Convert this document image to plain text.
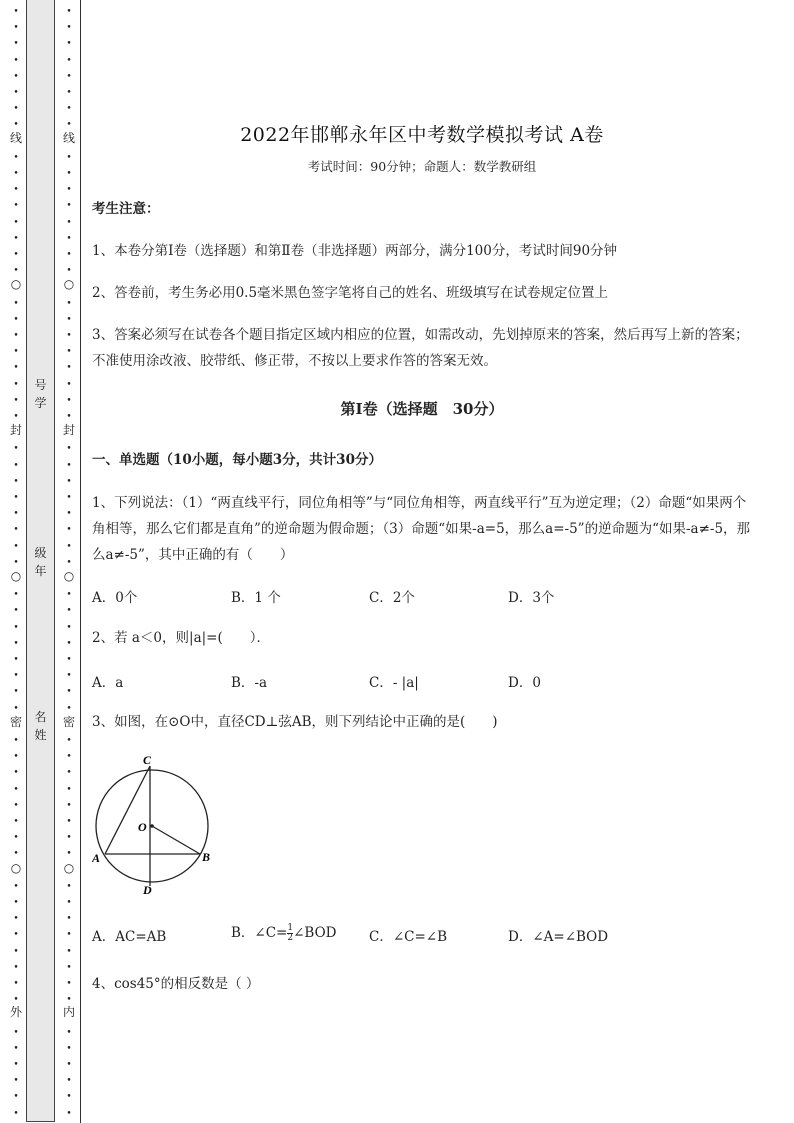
•
•
•
•
•
•
•
•
•
•
•
•
•
•
•
•
•
•
•
•
•
•
•
•
•
•
•
•
•
•
•
•
•
•
•
•
•
•
•
•
•
•
•
•
•
•
•
•
•
•
•
•
•
•
•
•
•
•
•
•
•
•
线
○
封
○
密
○
外
号
学
级
年
名
姓
•
•
•
•
•
•
•
•
•
•
•
•
•
•
•
•
•
•
•
•
•
•
•
•
•
•
•
•
•
•
•
•
•
•
•
•
•
•
•
•
•
•
•
•
•
•
•
•
•
•
•
•
•
•
•
•
•
•
•
•
•
•
线
○
封
○
密
○
内
2022年邯郸永年区中考数学模拟考试 A卷
考试时间：90分钟；命题人：数学教研组
考生注意：
1、本卷分第Ⅰ卷（选择题）和第Ⅱ卷（非选择题）两部分，满分100分，考试时间90分钟
2、答卷前，考生务必用0.5毫米黑色签字笔将自己的姓名、班级填写在试卷规定位置上
3、答案必须写在试卷各个题目指定区域内相应的位置，如需改动，先划掉原来的答案，然后再写上新的答案；不准使用涂改液、胶带纸、修正带，不按以上要求作答的答案无效。
第Ⅰ卷（选择题　30分）
一、单选题（10小题，每小题3分，共计30分）
1、下列说法：（1）“两直线平行，同位角相等”与“同位角相等，两直线平行”互为逆定理；（2）命题“如果两个角相等，那么它们都是直角”的逆命题为假命题；（3）命题“如果-a=5，那么a=-5”的逆命题为“如果-a≠-5，那么a≠-5”，其中正确的有（　　）
A．0个	B．1 个	C．2个	D．3个
2、若 a＜0，则|a|=(　　）．
A．a	B．-a	C．- |a|	D．0
3、如图，在⊙O中，直径CD⊥弦AB，则下列结论中正确的是(　　)
C
O
A	B
D
A．AC=AB	B．∠C= $\frac{1}{2}$ ∠BOD C．∠C=∠B	D．∠A=∠BOD
4、cos45°的相反数是（ ）
